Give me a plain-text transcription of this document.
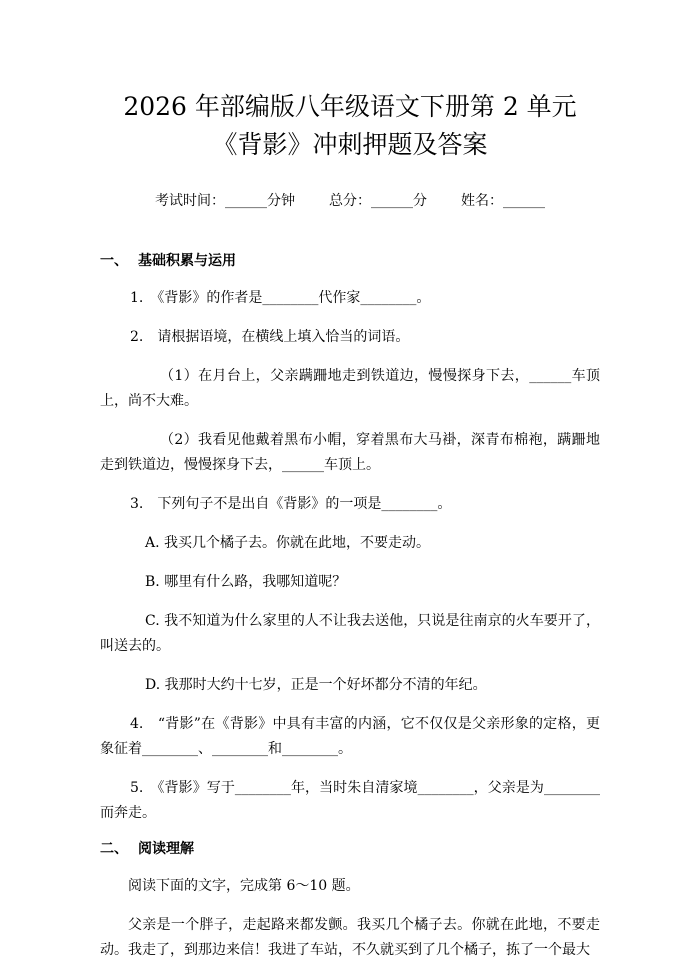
2026 年部编版八年级语文下册第 2 单元《背影》冲刺押题及答案
考试时间：______分钟 总分：______分 姓名：______
一、 基础积累与运用
1.　《背影》的作者是________代作家________。
2.　请根据语境，在横线上填入恰当的词语。
（1）在月台上，父亲蹒跚地走到铁道边，慢慢探身下去，______车顶上，尚不大难。
（2）我看见他戴着黑布小帽，穿着黑布大马褂，深青布棉袍，蹒跚地走到铁道边，慢慢探身下去，______车顶上。
3.　下列句子不是出自《背影》的一项是________。
A. 我买几个橘子去。你就在此地，不要走动。
B. 哪里有什么路，我哪知道呢？
C. 我不知道为什么家里的人不让我去送他，只说是往南京的火车要开了，叫送去的。
D. 我那时大约十七岁，正是一个好坏都分不清的年纪。
4.　“背影”在《背影》中具有丰富的内涵，它不仅仅是父亲形象的定格，更象征着________、________和________。
5.　《背影》写于________年，当时朱自清家境________，父亲是为________而奔走。
二、 阅读理解
阅读下面的文字，完成第 6～10 题。
父亲是一个胖子，走起路来都发颤。我买几个橘子去。你就在此地，不要走动。我走了，到那边来信！我进了车站，不久就买到了几个橘子，拣了一个最大
